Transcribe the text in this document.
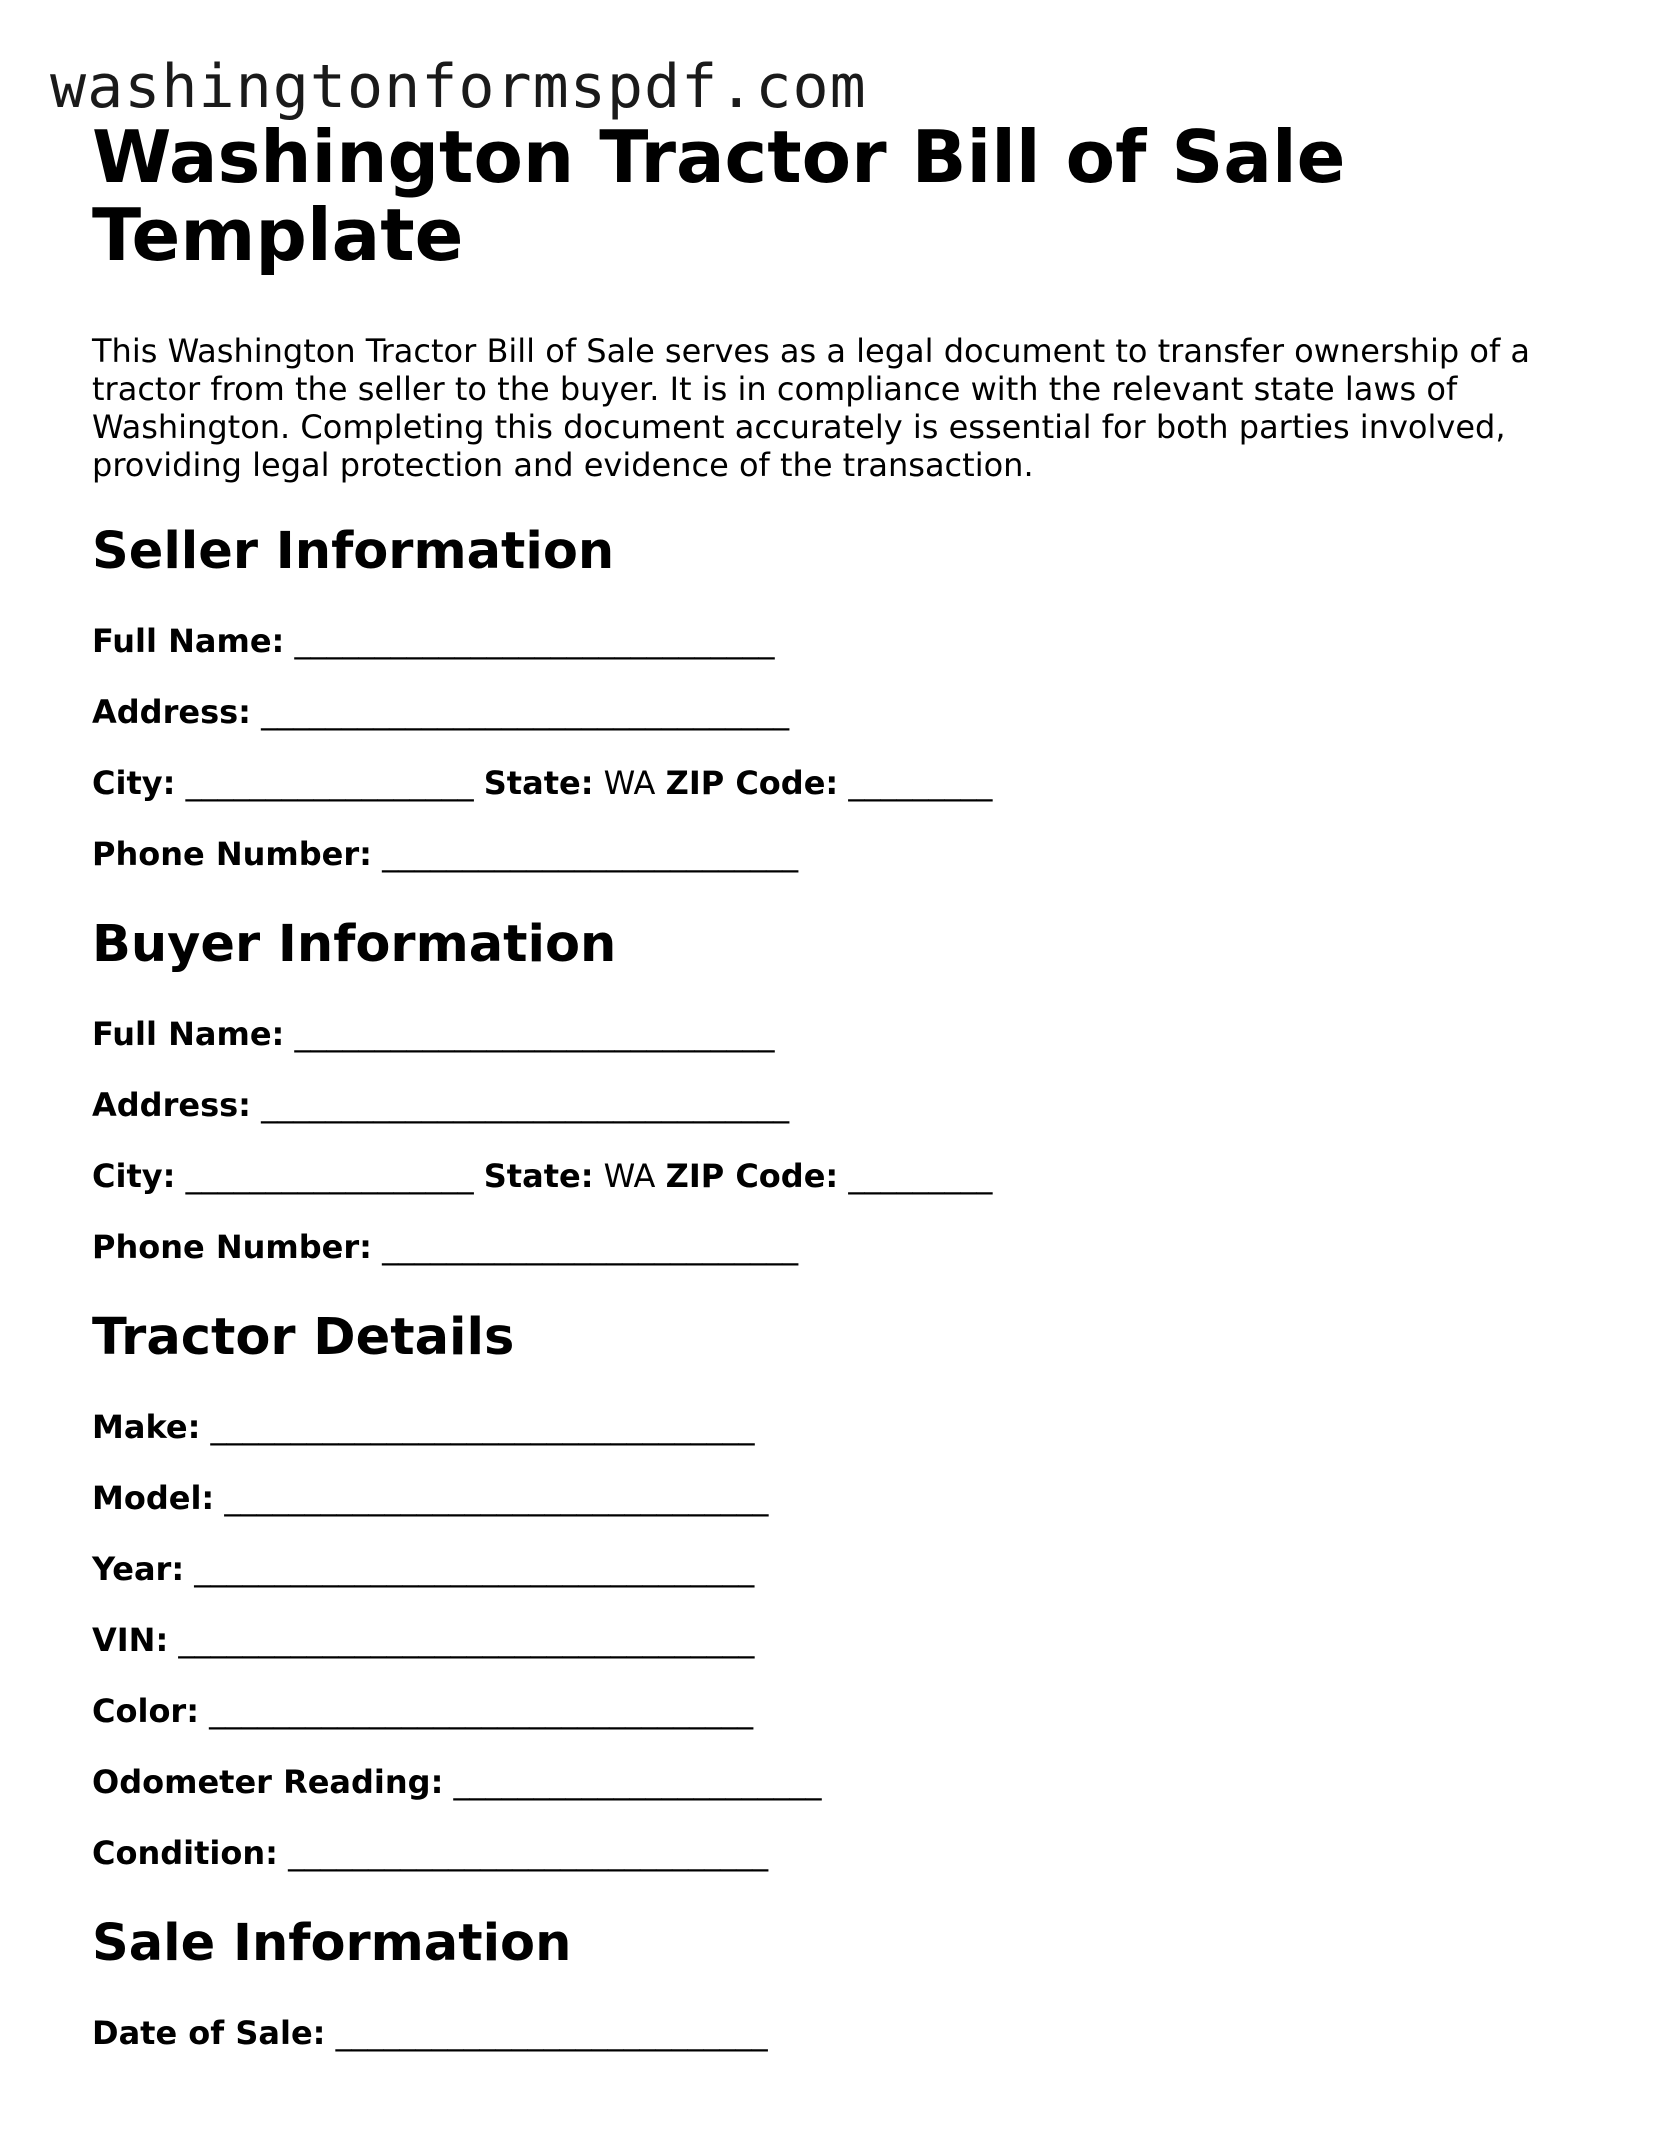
washingtonformspdf.com
Washington Tractor Bill of Sale Template

This Washington Tractor Bill of Sale serves as a legal document to transfer ownership of a tractor from the seller to the buyer. It is in compliance with the relevant state laws of Washington. Completing this document accurately is essential for both parties involved, providing legal protection and evidence of the transaction.

Seller Information
Full Name: ______________________________
Address: _________________________________
City: __________________ State: WA ZIP Code: _________
Phone Number: __________________________
Buyer Information
Full Name: ______________________________
Address: _________________________________
City: __________________ State: WA ZIP Code: _________
Phone Number: __________________________
Tractor Details
Make: __________________________________
Model: __________________________________
Year: ___________________________________
VIN: ____________________________________
Color: __________________________________
Odometer Reading: _______________________
Condition: ______________________________
Sale Information
Date of Sale: ___________________________
